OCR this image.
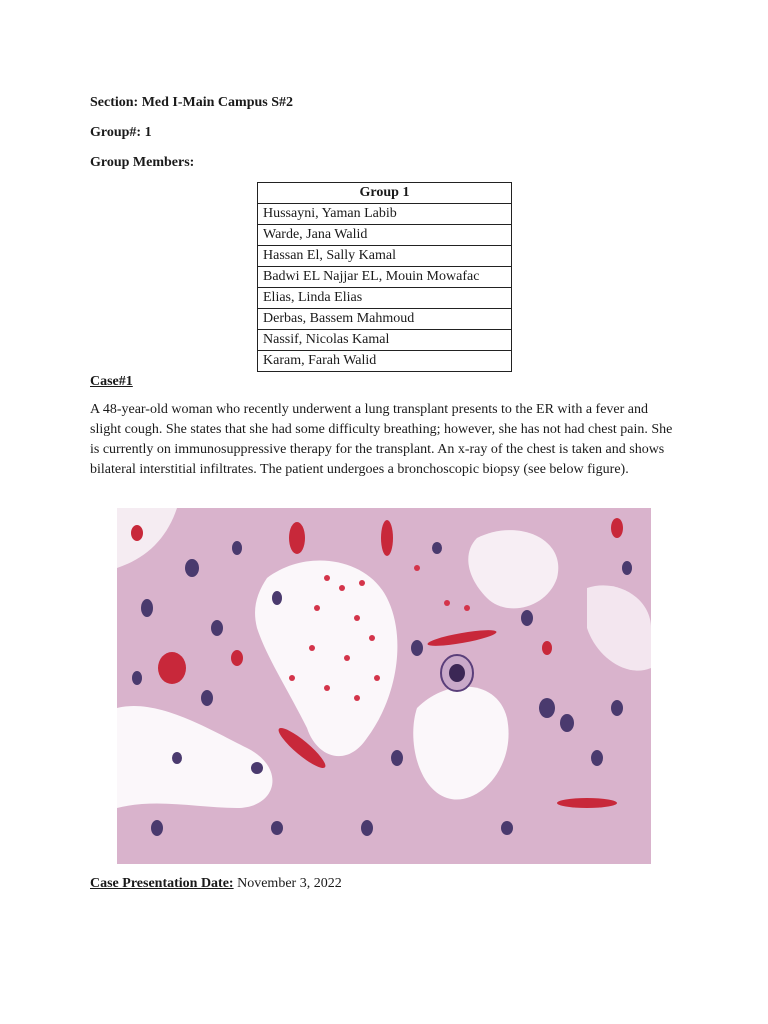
Section: Med I-Main Campus S#2
Group#: 1
Group Members:
Group 1
Hussayni, Yaman Labib
Warde, Jana Walid
Hassan El, Sally Kamal
Badwi EL Najjar EL, Mouin Mowafac
Elias, Linda Elias
Derbas, Bassem Mahmoud
Nassif, Nicolas Kamal
Karam, Farah Walid
Case#1
A 48-year-old woman who recently underwent a lung transplant presents to the ER with a fever and slight cough. She states that she had some difficulty breathing; however, she has not had chest pain. She is currently on immunosuppressive therapy for the transplant. An x-ray of the chest is taken and shows bilateral interstitial infiltrates. The patient undergoes a bronchoscopic biopsy (see below figure).
Case Presentation Date: November 3, 2022
